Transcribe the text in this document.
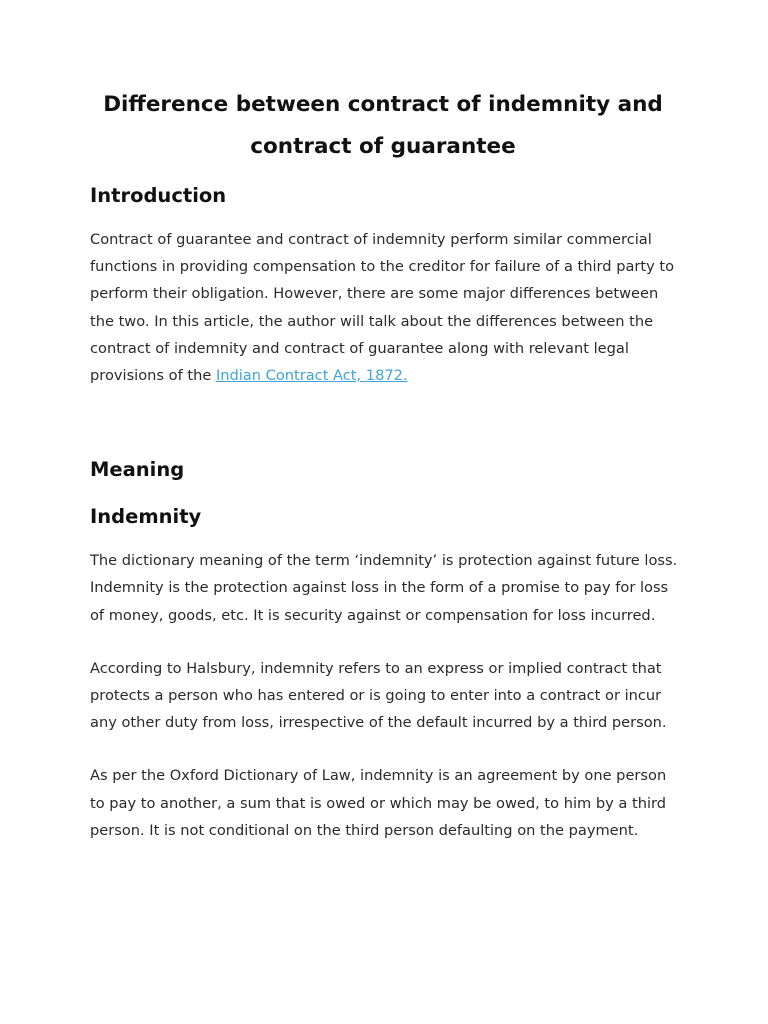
Difference between contract of indemnity and contract of guarantee
Introduction

Contract of guarantee and contract of indemnity perform similar commercial functions in providing compensation to the creditor for failure of a third party to perform their obligation. However, there are some major differences between the two. In this article, the author will talk about the differences between the contract of indemnity and contract of guarantee along with relevant legal provisions of the Indian Contract Act, 1872.

Meaning
Indemnity

The dictionary meaning of the term ‘indemnity’ is protection against future loss. Indemnity is the protection against loss in the form of a promise to pay for loss of money, goods, etc. It is security against or compensation for loss incurred.

According to Halsbury, indemnity refers to an express or implied contract that protects a person who has entered or is going to enter into a contract or incur any other duty from loss, irrespective of the default incurred by a third person.

As per the Oxford Dictionary of Law, indemnity is an agreement by one person to pay to another, a sum that is owed or which may be owed, to him by a third person. It is not conditional on the third person defaulting on the payment.
